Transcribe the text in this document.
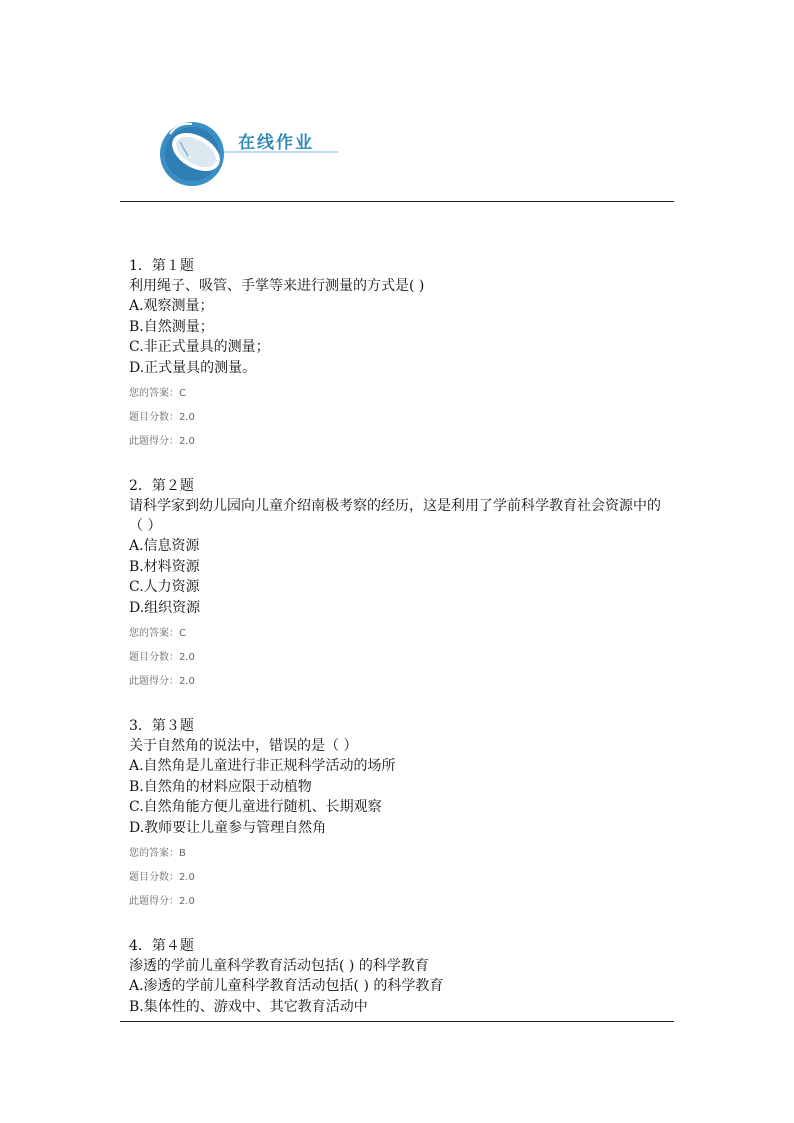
在线作业
1．第１题
利用绳子、吸管、手掌等来进行测量的方式是( )
A.观察测量；
B.自然测量；
C.非正式量具的测量；
D.正式量具的测量。
您的答案：C
题目分数：2.0
此题得分：2.0
2．第２题
请科学家到幼儿园向儿童介绍南极考察的经历，这是利用了学前科学教育社会资源中的（ ）
A.信息资源
B.材料资源
C.人力资源
D.组织资源
您的答案：C
题目分数：2.0
此题得分：2.0
3．第３题
关于自然角的说法中，错误的是（ ）
A.自然角是儿童进行非正规科学活动的场所
B.自然角的材料应限于动植物
C.自然角能方便儿童进行随机、长期观察
D.教师要让儿童参与管理自然角
您的答案：B
题目分数：2.0
此题得分：2.0
4．第４题
渗透的学前儿童科学教育活动包括( ) 的科学教育
A.渗透的学前儿童科学教育活动包括( ) 的科学教育
B.集体性的、游戏中、其它教育活动中
